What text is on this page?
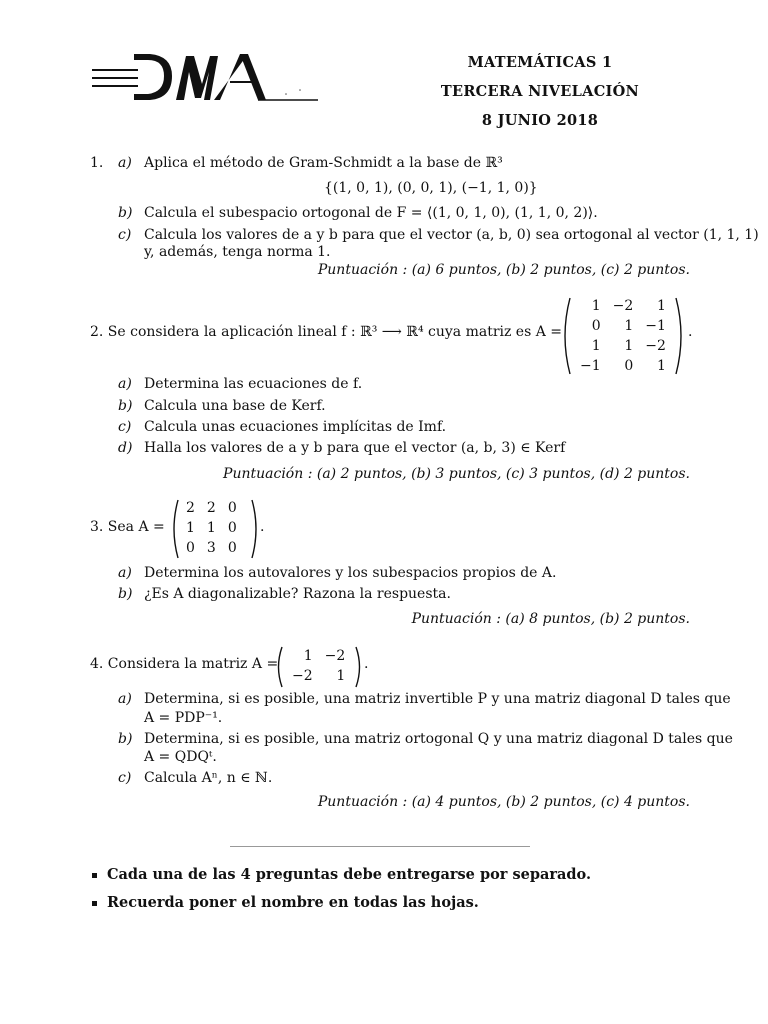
MATEMÁTICAS 1
TERCERA NIVELACIÓN
8 JUNIO 2018
1. a) Aplica el método de Gram-Schmidt a la base de ℝ³
{(1, 0, 1), (0, 0, 1), (−1, 1, 0)}
b) Calcula el subespacio ortogonal de F = ⟨(1, 0, 1, 0), (1, 1, 0, 2)⟩.
c) Calcula los valores de a y b para que el vector (a, b, 0) sea ortogonal al vector (1, 1, 1)
y, además, tenga norma 1.
Puntuación : (a) 6 puntos, (b) 2 puntos, (c) 2 puntos.
2. Se considera la aplicación lineal f : ℝ³ ⟶ ℝ⁴ cuya matriz es A =
1	−2	1
0	1	−1
1	1	−2
−1	0	1
.
a) Determina las ecuaciones de f.
b) Calcula una base de Kerf.
c) Calcula unas ecuaciones implícitas de Imf.
d) Halla los valores de a y b para que el vector (a, b, 3) ∈ Kerf
Puntuación : (a) 2 puntos, (b) 3 puntos, (c) 3 puntos, (d) 2 puntos.
3. Sea A =
2	2	0
1	1	0
0	3	0
.
a) Determina los autovalores y los subespacios propios de A.
b) ¿Es A diagonalizable? Razona la respuesta.
Puntuación : (a) 8 puntos, (b) 2 puntos.
4. Considera la matriz A = 1	−2
−2	1
.
a) Determina, si es posible, una matriz invertible P y una matriz diagonal D tales que
A = PDP⁻¹.
b) Determina, si es posible, una matriz ortogonal Q y una matriz diagonal D tales que
A = QDQᵗ.
c) Calcula Aⁿ, n ∈ ℕ.
Puntuación : (a) 4 puntos, (b) 2 puntos, (c) 4 puntos.
Cada una de las 4 preguntas debe entregarse por separado.
Recuerda poner el nombre en todas las hojas.
